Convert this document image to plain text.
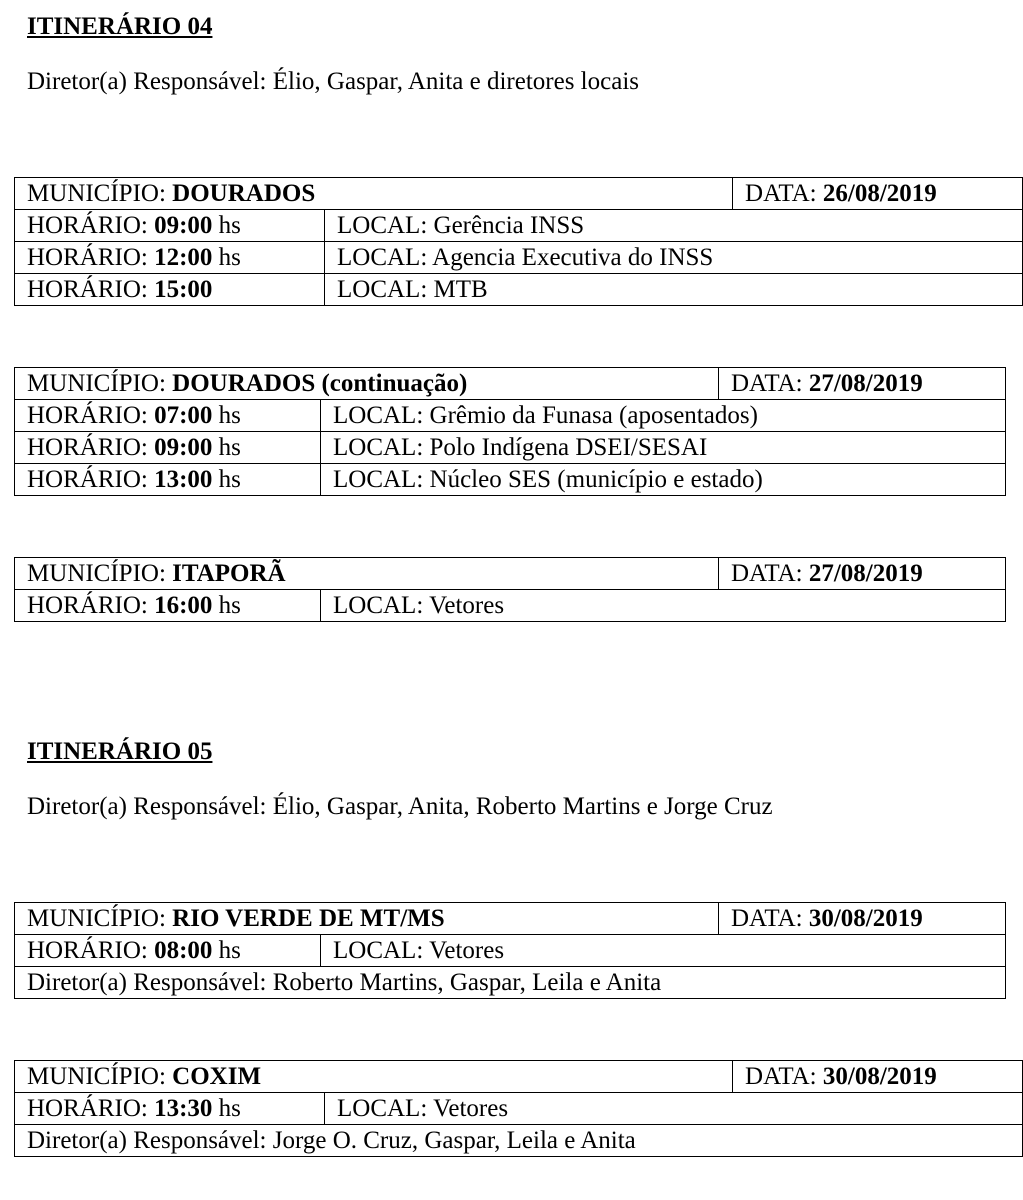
ITINERÁRIO 04
Diretor(a) Responsável: Élio, Gaspar, Anita e diretores locais
MUNICÍPIO: DOURADOS		DATA: 26/08/2019
HORÁRIO: 09:00 hs	LOCAL: Gerência INSS	
HORÁRIO: 12:00 hs	LOCAL: Agencia Executiva do INSS	
HORÁRIO: 15:00	LOCAL: MTB	
MUNICÍPIO: DOURADOS (continuação)		DATA: 27/08/2019
HORÁRIO: 07:00 hs	LOCAL: Grêmio da Funasa (aposentados)	
HORÁRIO: 09:00 hs	LOCAL: Polo Indígena DSEI/SESAI	
HORÁRIO: 13:00 hs	LOCAL: Núcleo SES (município e estado)	
MUNICÍPIO: ITAPORÃ		DATA: 27/08/2019
HORÁRIO: 16:00 hs	LOCAL: Vetores	
ITINERÁRIO 05
Diretor(a) Responsável: Élio, Gaspar, Anita, Roberto Martins e Jorge Cruz
MUNICÍPIO: RIO VERDE DE MT/MS		DATA: 30/08/2019
HORÁRIO: 08:00 hs	LOCAL: Vetores	
Diretor(a) Responsável: Roberto Martins, Gaspar, Leila e Anita		
MUNICÍPIO: COXIM		DATA: 30/08/2019
HORÁRIO: 13:30 hs	LOCAL: Vetores	
Diretor(a) Responsável: Jorge O. Cruz, Gaspar, Leila e Anita		
